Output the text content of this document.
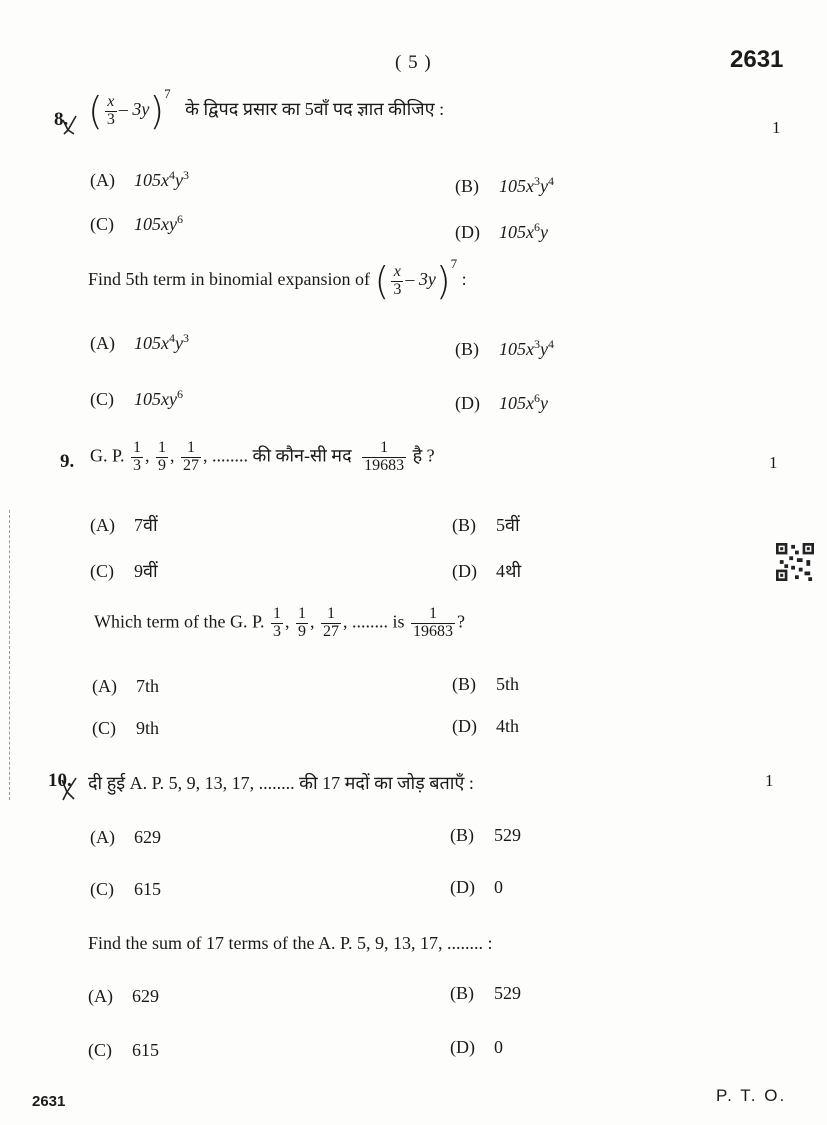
( 5 )	2631
8. ( $\frac{x}{3} - 3y)^7$ के द्विपद प्रसार का 5वाँ पद ज्ञात कीजिए :
1
(A) $105x^4y^3$
(B) $105x^3y^4$
(C) $105xy^6$
(D) $105x^6y$
Find 5th term in binomial expansion of ( $\frac{x}{3} - 3y)^7$ :
(A) $105x^4y^3$
(B) $105x^3y^4$
(C) $105xy^6$	(D) $105x^6y$
9. G. P. $\frac{1}{3}$ , $\frac{1}{9}$ , $\frac{1}{27}$ , ........ की कौन-सी मद $\frac{1}{19683}$ है ?	1
(A) 7वीं	(B) 5वीं
(C) 9वीं	(D) 4थी
Which term of the G. P. $\frac{1}{3}$ , $\frac{1}{9}$ , $\frac{1}{27}$ , ........ is $\frac{1}{19683}$ ?
(A) 7th	(B) 5th
(C) 9th	(D) 4th
10. दी हुई A. P. 5, 9, 13, 17, ........ की 17 मदों का जोड़ बताएँ :	1
(A) 629	(B) 529
(C) 615	(D) 0
Find the sum of 17 terms of the A. P. 5, 9, 13, 17, ........ :
(A) 629	(B) 529
(C) 615	(D) 0
2631	P. T. O.
